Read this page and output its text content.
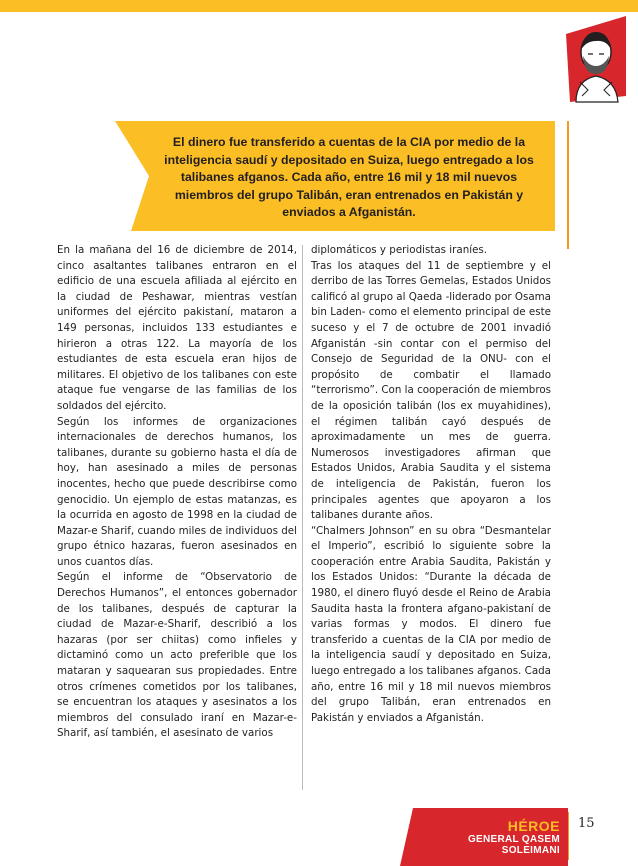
El dinero fue transferido a cuentas de la CIA por medio de la inteligencia saudí y depositado en Suiza, luego entregado a los talibanes afganos. Cada año, entre 16 mil y 18 mil nuevos miembros del grupo Talibán, eran entrenados en Pakistán y enviados a Afganistán.

En la mañana del 16 de diciembre de 2014, cinco asaltantes talibanes entraron en el edificio de una escuela afiliada al ejército en la ciudad de Peshawar, mientras vestían uniformes del ejército pakistaní, mataron a 149 personas, incluidos 133 estudiantes e hirieron a otras 122. La mayoría de los estudiantes de esta escuela eran hijos de militares. El objetivo de los talibanes con este ataque fue vengarse de las familias de los soldados del ejército.

Según los informes de organizaciones internacionales de derechos humanos, los talibanes, durante su gobierno hasta el día de hoy, han asesinado a miles de personas inocentes, hecho que puede describirse como genocidio. Un ejemplo de estas matanzas, es la ocurrida en agosto de 1998 en la ciudad de Mazar-e Sharif, cuando miles de individuos del grupo étnico hazaras, fueron asesinados en unos cuantos días.

Según el informe de “Observatorio de Derechos Humanos”, el entonces gobernador de los talibanes, después de capturar la ciudad de Mazar-e-Sharif, describió a los hazaras (por ser chiitas) como infieles y dictaminó como un acto preferible que los mataran y saquearan sus propiedades. Entre otros crímenes cometidos por los talibanes, se encuentran los ataques y asesinatos a los miembros del consulado iraní en Mazar-e-Sharif, así también, el asesinato de varios

diplomáticos y periodistas iraníes.

Tras los ataques del 11 de septiembre y el derribo de las Torres Gemelas, Estados Unidos calificó al grupo al Qaeda -liderado por Osama bin Laden- como el elemento principal de este suceso y el 7 de octubre de 2001 invadió Afganistán -sin contar con el permiso del Consejo de Seguridad de la ONU- con el propósito de combatir el llamado “terrorismo”. Con la cooperación de miembros de la oposición talibán (los ex muyahidines), el régimen talibán cayó después de aproximadamente un mes de guerra. Numerosos investigadores afirman que Estados Unidos, Arabia Saudita y el sistema de inteligencia de Pakistán, fueron los principales agentes que apoyaron a los talibanes durante años.

“Chalmers Johnson” en su obra “Desmantelar el Imperio”, escribió lo siguiente sobre la cooperación entre Arabia Saudita, Pakistán y los Estados Unidos: “Durante la década de 1980, el dinero fluyó desde el Reino de Arabia Saudita hasta la frontera afgano-pakistaní de varias formas y modos. El dinero fue transferido a cuentas de la CIA por medio de la inteligencia saudí y depositado en Suiza, luego entregado a los talibanes afganos. Cada año, entre 16 mil y 18 mil nuevos miembros del grupo Talibán, eran entrenados en Pakistán y enviados a Afganistán.

HÉROE
GENERAL QASEM SOLEIMANI
15
